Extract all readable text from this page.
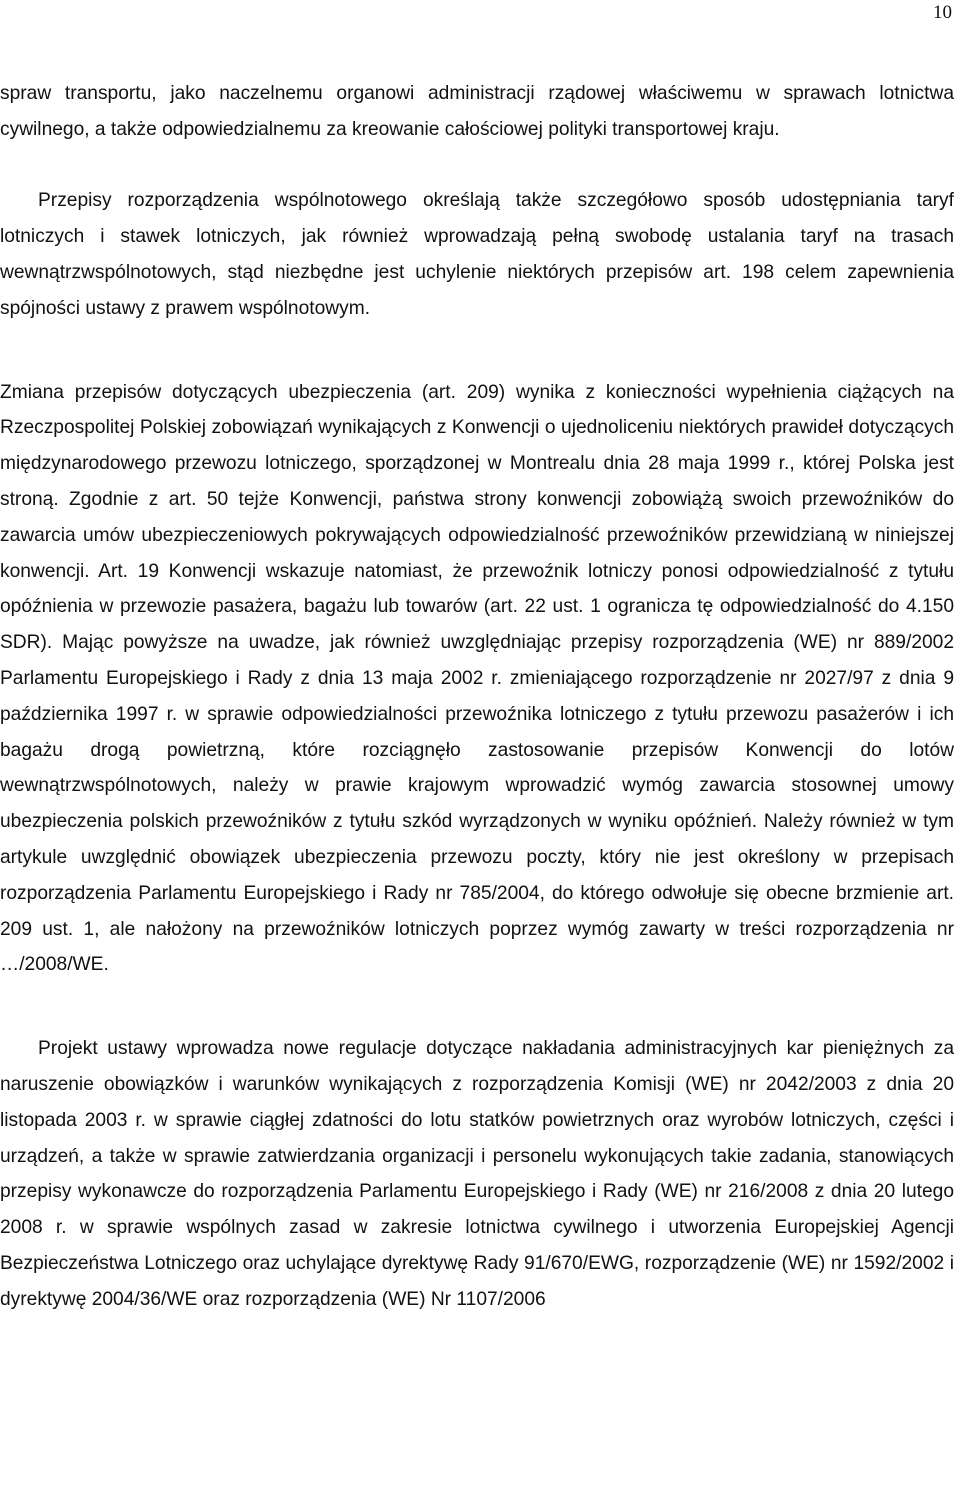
10

spraw transportu, jako naczelnemu organowi administracji rządowej właściwemu w sprawach lotnictwa cywilnego, a także odpowiedzialnemu za kreowanie całościowej polityki transportowej kraju.

Przepisy rozporządzenia wspólnotowego określają także szczegółowo sposób udostępniania taryf lotniczych i stawek lotniczych, jak również wprowadzają pełną swobodę ustalania taryf na trasach wewnątrzwspólnotowych, stąd niezbędne jest uchylenie niektórych przepisów art. 198 celem zapewnienia spójności ustawy z prawem wspólnotowym.

Zmiana przepisów dotyczących ubezpieczenia (art. 209) wynika z konieczności wypełnienia ciążących na Rzeczpospolitej Polskiej zobowiązań wynikających z Konwencji o ujednoliceniu niektórych prawideł dotyczących międzynarodowego przewozu lotniczego, sporządzonej w Montrealu dnia 28 maja 1999 r., której Polska jest stroną. Zgodnie z art. 50 tejże Konwencji, państwa strony konwencji zobowiążą swoich przewoźników do zawarcia umów ubezpieczeniowych pokrywających odpowiedzialność przewoźników przewidzianą w niniejszej konwencji. Art. 19 Konwencji wskazuje natomiast, że przewoźnik lotniczy ponosi odpowiedzialność z tytułu opóźnienia w przewozie pasażera, bagażu lub towarów (art. 22 ust. 1 ogranicza tę odpowiedzialność do 4.150 SDR). Mając powyższe na uwadze, jak również uwzględniając przepisy rozporządzenia (WE) nr 889/2002 Parlamentu Europejskiego i Rady z dnia 13 maja 2002 r. zmieniającego rozporządzenie nr 2027/97 z dnia 9 października 1997 r. w sprawie odpowiedzialności przewoźnika lotniczego z tytułu przewozu pasażerów i ich bagażu drogą powietrzną, które rozciągnęło zastosowanie przepisów Konwencji do lotów wewnątrzwspólnotowych, należy w prawie krajowym wprowadzić wymóg zawarcia stosownej umowy ubezpieczenia polskich przewoźników z tytułu szkód wyrządzonych w wyniku opóźnień. Należy również w tym artykule uwzględnić obowiązek ubezpieczenia przewozu poczty, który nie jest określony w przepisach rozporządzenia Parlamentu Europejskiego i Rady nr 785/2004, do którego odwołuje się obecne brzmienie art. 209 ust. 1, ale nałożony na przewoźników lotniczych poprzez wymóg zawarty w treści rozporządzenia nr …/2008/WE.

Projekt ustawy wprowadza nowe regulacje dotyczące nakładania administracyjnych kar pieniężnych za naruszenie obowiązków i warunków wynikających z rozporządzenia Komisji (WE) nr 2042/2003 z dnia 20 listopada 2003 r. w sprawie ciągłej zdatności do lotu statków powietrznych oraz wyrobów lotniczych, części i urządzeń, a także w sprawie zatwierdzania organizacji i personelu wykonujących takie zadania, stanowiących przepisy wykonawcze do rozporządzenia Parlamentu Europejskiego i Rady (WE) nr 216/2008 z dnia 20 lutego 2008 r. w sprawie wspólnych zasad w zakresie lotnictwa cywilnego i utworzenia Europejskiej Agencji Bezpieczeństwa Lotniczego oraz uchylające dyrektywę Rady 91/670/EWG, rozporządzenie (WE) nr 1592/2002 i dyrektywę 2004/36/WE oraz rozporządzenia (WE) Nr 1107/2006
